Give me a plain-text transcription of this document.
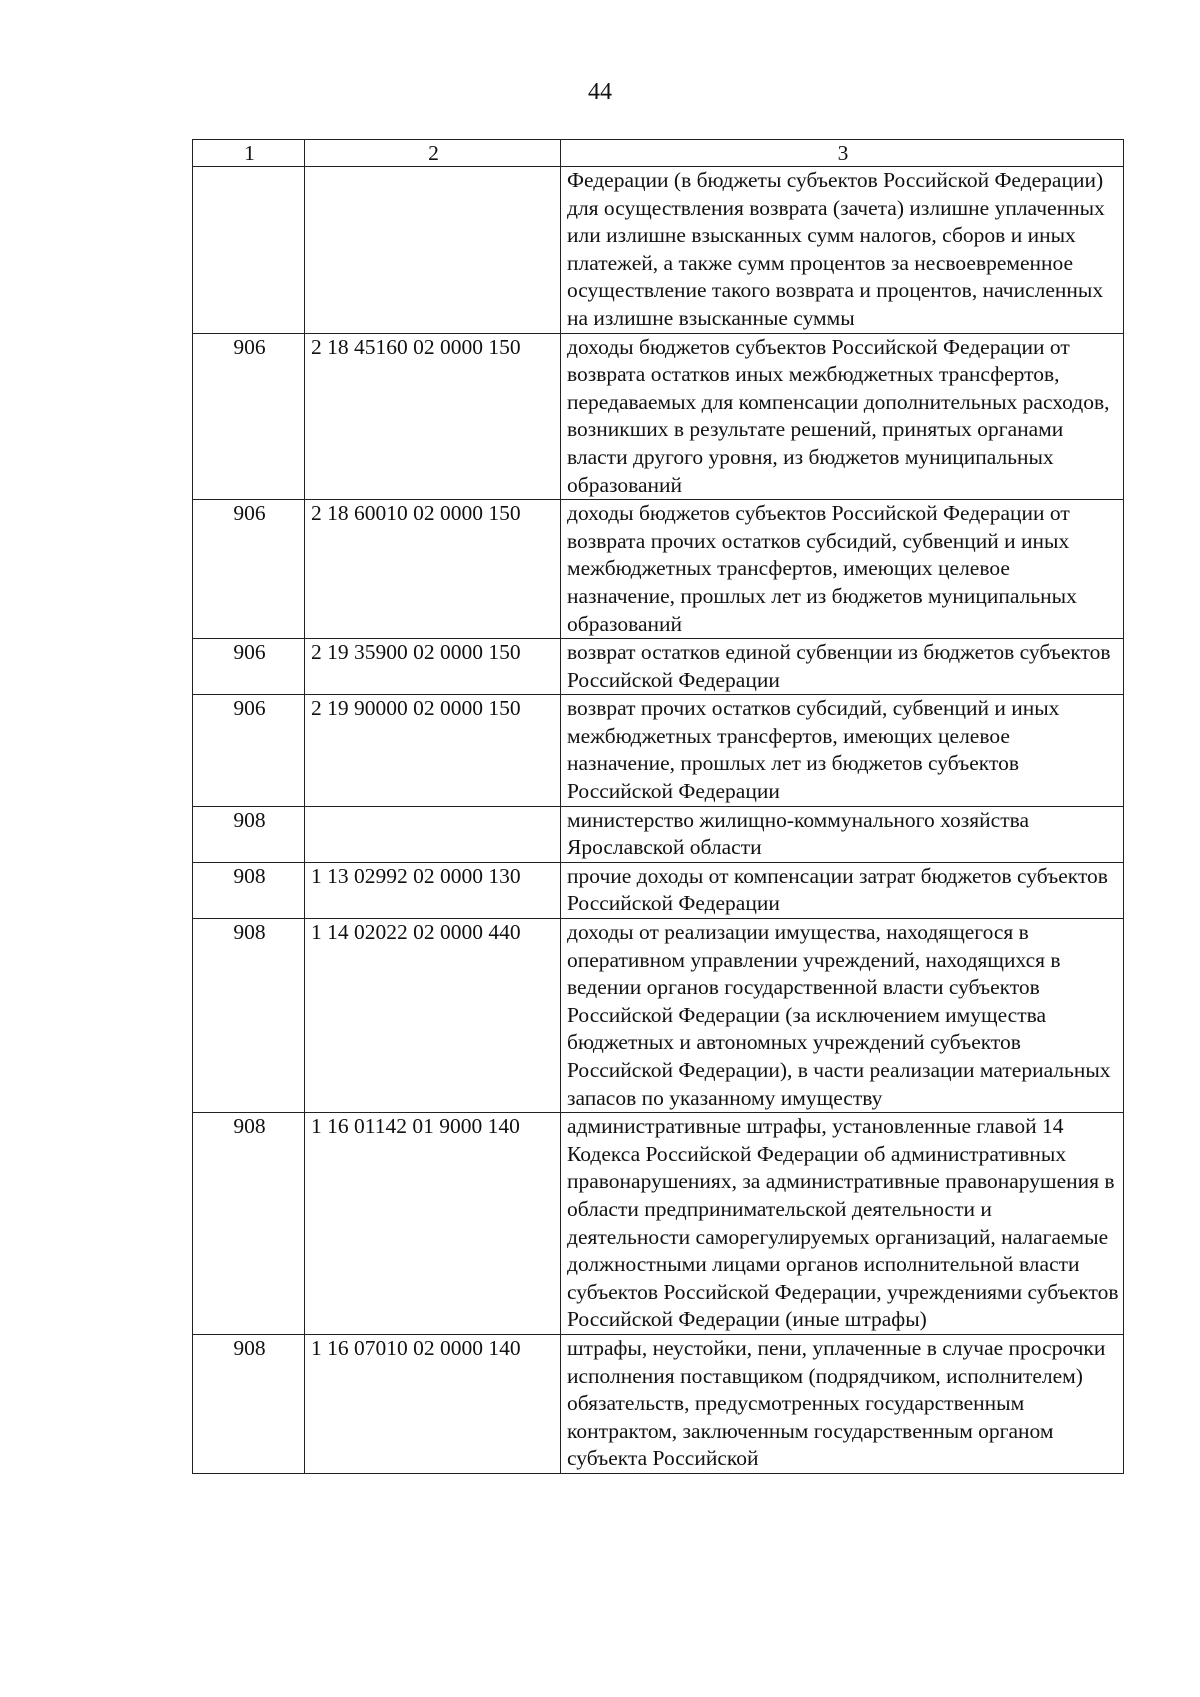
44
1	2	3
		Федерации (в бюджеты субъектов Российской Федерации) для осуществления возврата (зачета) излишне уплаченных или излишне взысканных сумм налогов, сборов и иных платежей, а также сумм процентов за несвоевременное осуществление такого возврата и процентов, начисленных на излишне взысканные суммы
906	2 18 45160 02 0000 150	доходы бюджетов субъектов Российской Федерации от возврата остатков иных межбюджетных трансфертов, передаваемых для компенсации дополнительных расходов, возникших в результате решений, принятых органами власти другого уровня, из бюджетов муниципальных образований
906	2 18 60010 02 0000 150	доходы бюджетов субъектов Российской Федерации от возврата прочих остатков субсидий, субвенций и иных межбюджетных трансфертов, имеющих целевое назначение, прошлых лет из бюджетов муниципальных образований
906	2 19 35900 02 0000 150	возврат остатков единой субвенции из бюджетов субъектов Российской Федерации
906	2 19 90000 02 0000 150	возврат прочих остатков субсидий, субвенций и иных межбюджетных трансфертов, имеющих целевое назначение, прошлых лет из бюджетов субъектов Российской Федерации
908		министерство жилищно-коммунального хозяйства Ярославской области
908	1 13 02992 02 0000 130	прочие доходы от компенсации затрат бюджетов субъектов Российской Федерации
908	1 14 02022 02 0000 440	доходы от реализации имущества, находящегося в оперативном управлении учреждений, находящихся в ведении органов государственной власти субъектов Российской Федерации (за исключением имущества бюджетных и автономных учреждений субъектов Российской Федерации), в части реализации материальных запасов по указанному имуществу
908	1 16 01142 01 9000 140	административные штрафы, установленные главой 14 Кодекса Российской Федерации об административных правонарушениях, за административные правонарушения в области предпринимательской деятельности и деятельности саморегулируемых организаций, налагаемые должностными лицами органов исполнительной власти субъектов Российской Федерации, учреждениями субъектов Российской Федерации (иные штрафы)
908	1 16 07010 02 0000 140	штрафы, неустойки, пени, уплаченные в случае просрочки исполнения поставщиком (подрядчиком, исполнителем) обязательств, предусмотренных государственным контрактом, заключенным государственным органом субъекта Российской
